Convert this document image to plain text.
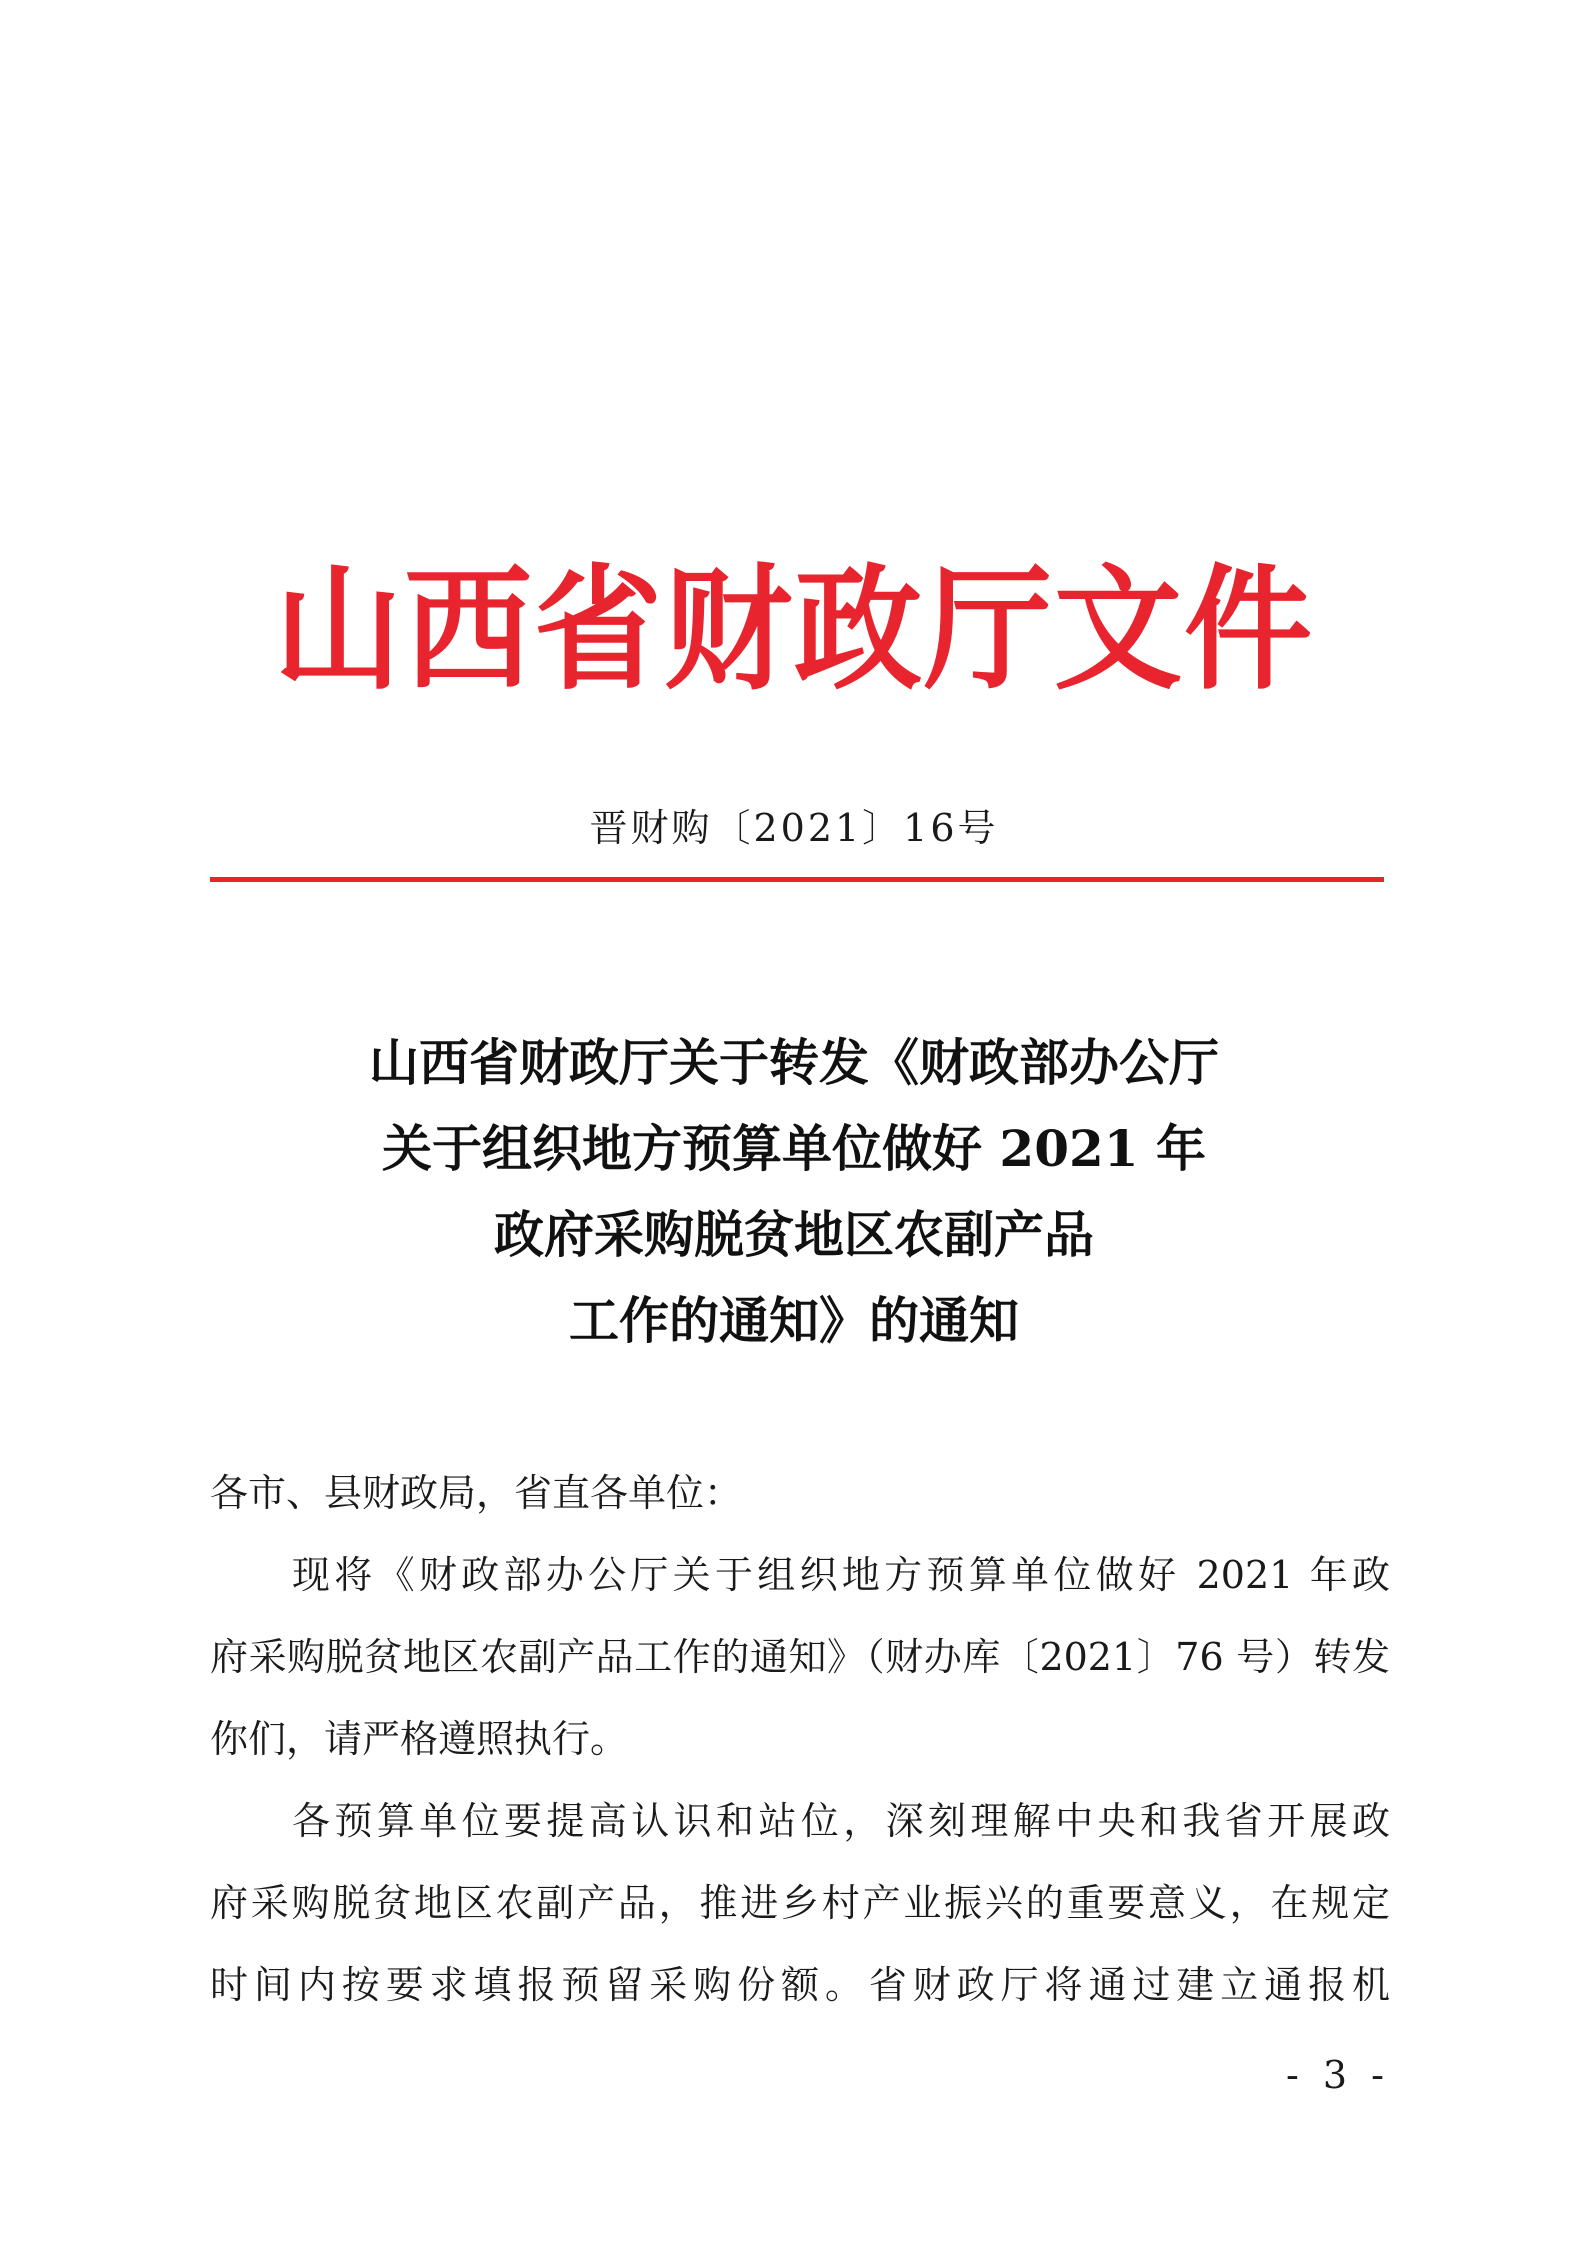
山西省财政厅文件
晋财购〔2021〕16号
山西省财政厅关于转发《财政部办公厅
关于组织地方预算单位做好 2021 年
政府采购脱贫地区农副产品
工作的通知》的通知
各市、县财政局，省直各单位：
现将《财政部办公厅关于组织地方预算单位做好 2021 年政
府采购脱贫地区农副产品工作的通知》（财办库〔2021〕76 号）转发
你们，请严格遵照执行。
各预算单位要提高认识和站位，深刻理解中央和我省开展政
府采购脱贫地区农副产品，推进乡村产业振兴的重要意义，在规定
时间内按要求填报预留采购份额。省财政厅将通过建立通报机
- 3 -
